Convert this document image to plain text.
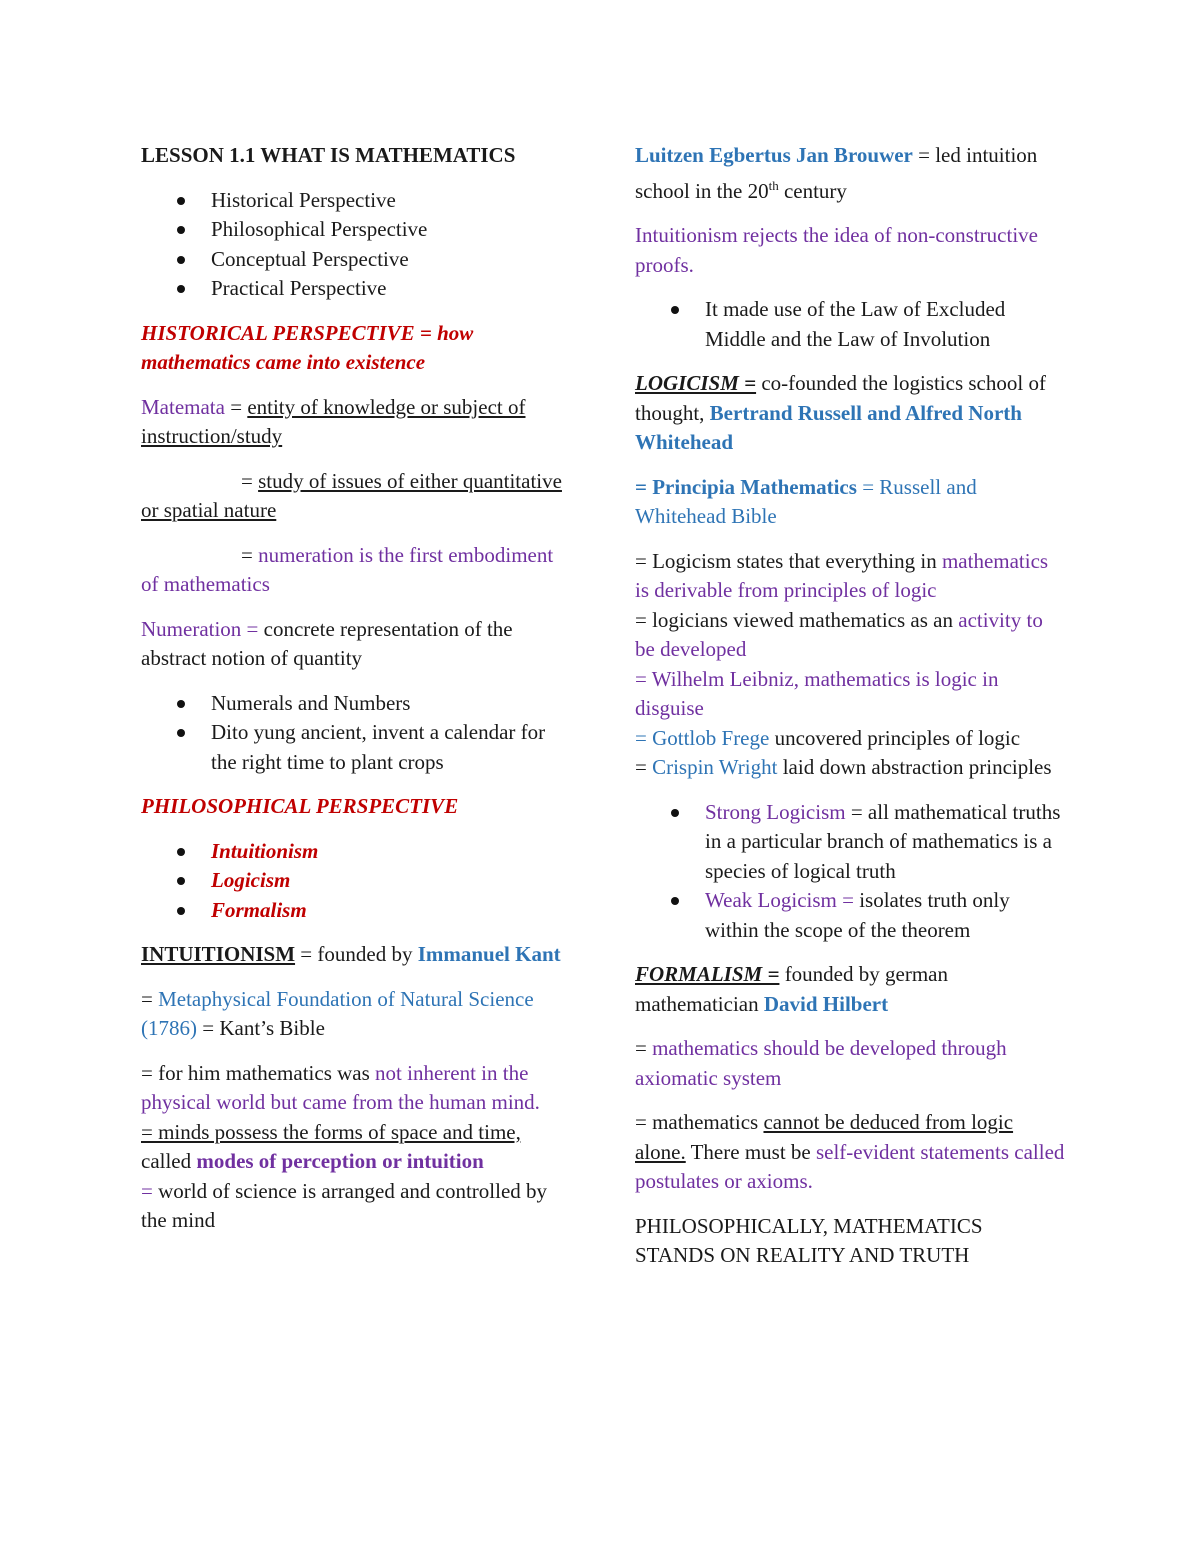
LESSON 1.1 WHAT IS MATHEMATICS

Historical Perspective
Philosophical Perspective
Conceptual Perspective
Practical Perspective

HISTORICAL PERSPECTIVE = how mathematics came into existence

Matemata = entity of knowledge or subject of instruction/study

= study of issues of either quantitative or spatial nature

= numeration is the first embodiment of mathematics

Numeration = concrete representation of the abstract notion of quantity

Numerals and Numbers
Dito yung ancient, invent a calendar for the right time to plant crops

PHILOSOPHICAL PERSPECTIVE

Intuitionism
Logicism
Formalism

INTUITIONISM = founded by Immanuel Kant

= Metaphysical Foundation of Natural Science (1786) = Kant’s Bible

= for him mathematics was not inherent in the physical world but came from the human mind.
= minds possess the forms of space and time, called modes of perception or intuition
= world of science is arranged and controlled by the mind

Luitzen Egbertus Jan Brouwer = led intuition school in the 20th century

Intuitionism rejects the idea of non-constructive proofs.

It made use of the Law of Excluded Middle and the Law of Involution

LOGICISM = co-founded the logistics school of thought, Bertrand Russell and Alfred North Whitehead

= Principia Mathematics = Russell and Whitehead Bible

= Logicism states that everything in mathematics is derivable from principles of logic
= logicians viewed mathematics as an activity to be developed
= Wilhelm Leibniz, mathematics is logic in disguise
= Gottlob Frege uncovered principles of logic
= Crispin Wright laid down abstraction principles

Strong Logicism = all mathematical truths in a particular branch of mathematics is a species of logical truth
Weak Logicism = isolates truth only within the scope of the theorem

FORMALISM = founded by german mathematician David Hilbert

= mathematics should be developed through axiomatic system

= mathematics cannot be deduced from logic alone. There must be self-evident statements called postulates or axioms.

PHILOSOPHICALLY, MATHEMATICS STANDS ON REALITY AND TRUTH
